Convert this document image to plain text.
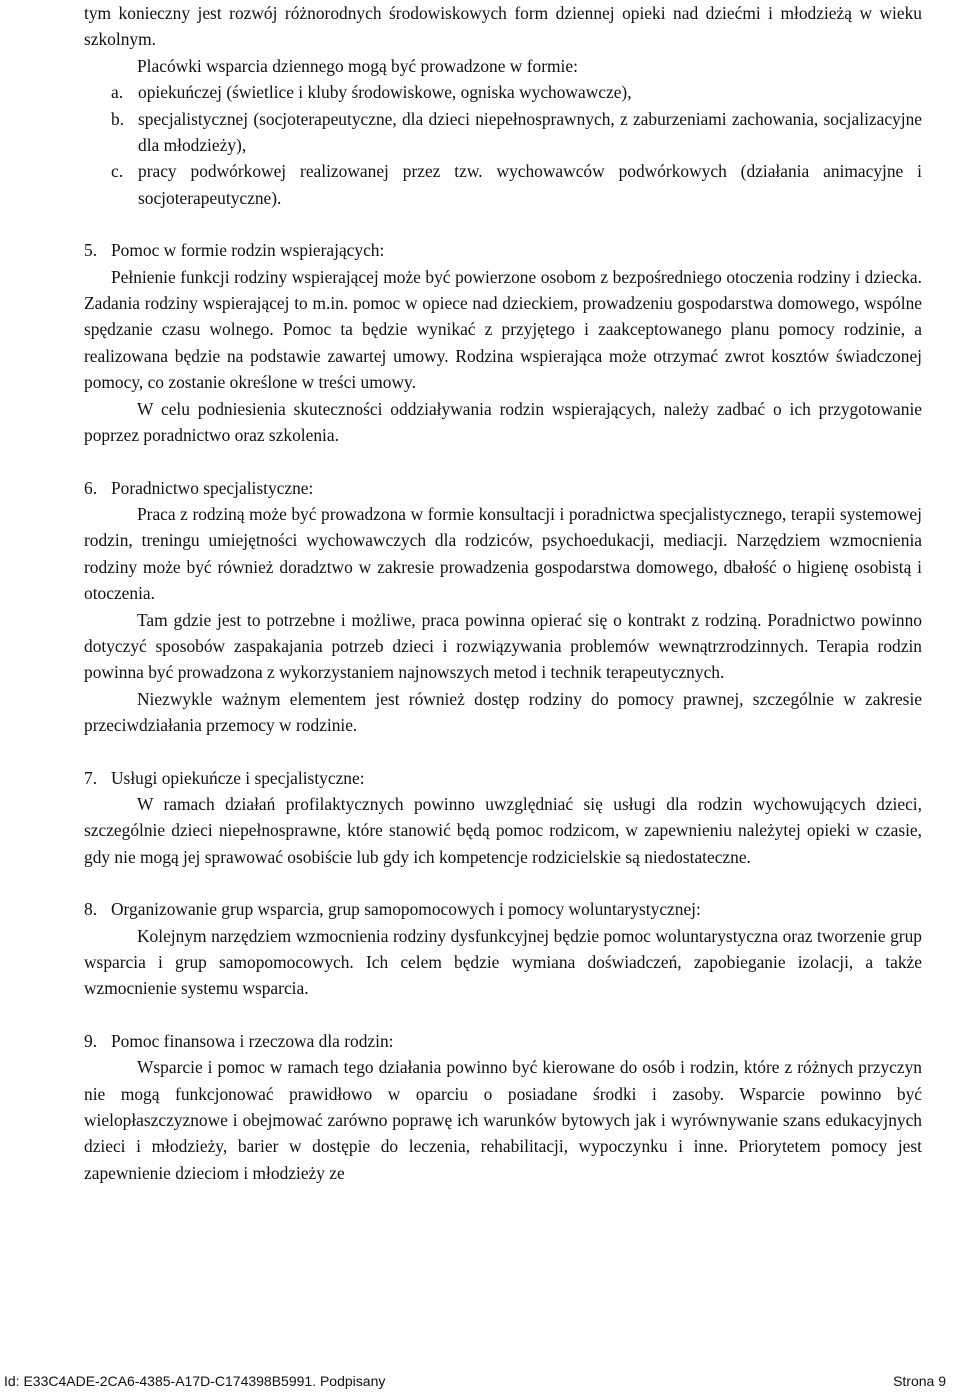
tym konieczny jest rozwój różnorodnych środowiskowych form dziennej opieki nad dziećmi i młodzieżą w wieku szkolnym.

Placówki wsparcia dziennego mogą być prowadzone w formie:

a. opiekuńczej (świetlice i kluby środowiskowe, ogniska wychowawcze),
b. specjalistycznej (socjoterapeutyczne, dla dzieci niepełnosprawnych, z zaburzeniami zachowania, socjalizacyjne dla młodzieży),
c. pracy podwórkowej realizowanej przez tzw. wychowawców podwórkowych (działania animacyjne i socjoterapeutyczne).
5. Pomoc w formie rodzin wspierających:

Pełnienie funkcji rodziny wspierającej może być powierzone osobom z bezpośredniego otoczenia rodziny i dziecka. Zadania rodziny wspierającej to m.in. pomoc w opiece nad dzieckiem, prowadzeniu gospodarstwa domowego, wspólne spędzanie czasu wolnego. Pomoc ta będzie wynikać z przyjętego i zaakceptowanego planu pomocy rodzinie, a realizowana będzie na podstawie zawartej umowy. Rodzina wspierająca może otrzymać zwrot kosztów świadczonej pomocy, co zostanie określone w treści umowy.

W celu podniesienia skuteczności oddziaływania rodzin wspierających, należy zadbać o ich przygotowanie poprzez poradnictwo oraz szkolenia.

6. Poradnictwo specjalistyczne:

Praca z rodziną może być prowadzona w formie konsultacji i poradnictwa specjalistycznego, terapii systemowej rodzin, treningu umiejętności wychowawczych dla rodziców, psychoedukacji, mediacji. Narzędziem wzmocnienia rodziny może być również doradztwo w zakresie prowadzenia gospodarstwa domowego, dbałość o higienę osobistą i otoczenia.

Tam gdzie jest to potrzebne i możliwe, praca powinna opierać się o kontrakt z rodziną. Poradnictwo powinno dotyczyć sposobów zaspakajania potrzeb dzieci i rozwiązywania problemów wewnątrzrodzinnych. Terapia rodzin powinna być prowadzona z wykorzystaniem najnowszych metod i technik terapeutycznych.

Niezwykle ważnym elementem jest również dostęp rodziny do pomocy prawnej, szczególnie w zakresie przeciwdziałania przemocy w rodzinie.

7. Usługi opiekuńcze i specjalistyczne:

W ramach działań profilaktycznych powinno uwzględniać się usługi dla rodzin wychowujących dzieci, szczególnie dzieci niepełnosprawne, które stanowić będą pomoc rodzicom, w zapewnieniu należytej opieki w czasie, gdy nie mogą jej sprawować osobiście lub gdy ich kompetencje rodzicielskie są niedostateczne.

8. Organizowanie grup wsparcia, grup samopomocowych i pomocy woluntarystycznej:

Kolejnym narzędziem wzmocnienia rodziny dysfunkcyjnej będzie pomoc woluntarystyczna oraz tworzenie grup wsparcia i grup samopomocowych. Ich celem będzie wymiana doświadczeń, zapobieganie izolacji, a także wzmocnienie systemu wsparcia.

9. Pomoc finansowa i rzeczowa dla rodzin:

Wsparcie i pomoc w ramach tego działania powinno być kierowane do osób i rodzin, które z różnych przyczyn nie mogą funkcjonować prawidłowo w oparciu o posiadane środki i zasoby. Wsparcie powinno być wielopłaszczyznowe i obejmować zarówno poprawę ich warunków bytowych jak i wyrównywanie szans edukacyjnych dzieci i młodzieży, barier w dostępie do leczenia, rehabilitacji, wypoczynku i inne. Priorytetem pomocy jest zapewnienie dzieciom i młodzieży ze

Id: E33C4ADE-2CA6-4385-A17D-C174398B5991. Podpisany	Strona 9
